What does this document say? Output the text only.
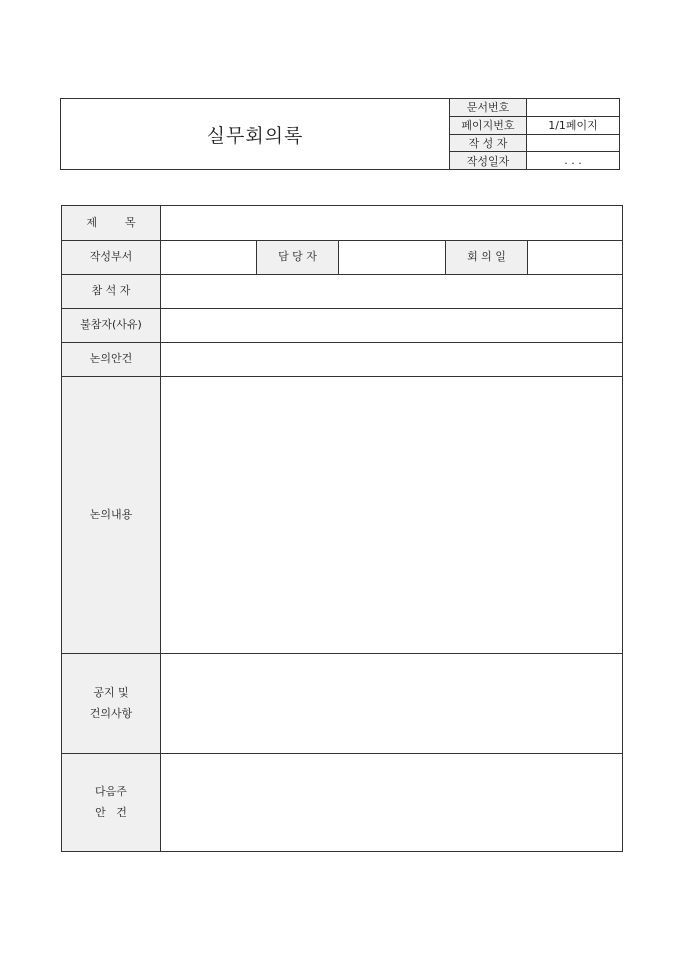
실무회의록
문서번호
페이지번호	1/1페이지
작 성 자
작성일자	. . .
제        목					
작성부서		담 당 자		회 의 일	
참 석 자					
불참자(사유)					
논의안건					
논의내용					

공지 및
건의사항					

다음주
안   건					
